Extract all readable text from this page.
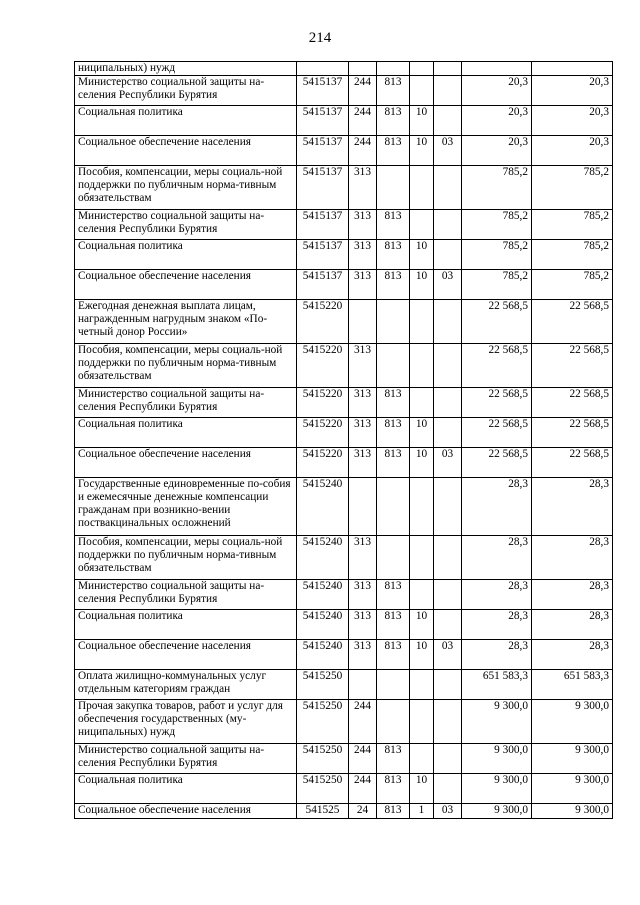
214
ниципальных) нужд							
Министерство социальной защиты на-селения Республики Бурятия	5415137	244	813			20,3	20,3
Социальная политика	5415137	244	813	10		20,3	20,3
Социальное обеспечение населения	5415137	244	813	10	03	20,3	20,3
Пособия, компенсации, меры социаль-ной поддержки по публичным норма-тивным обязательствам	5415137	313				785,2	785,2
Министерство социальной защиты на-селения Республики Бурятия	5415137	313	813			785,2	785,2
Социальная политика	5415137	313	813	10		785,2	785,2
Социальное обеспечение населения	5415137	313	813	10	03	785,2	785,2
Ежегодная денежная выплата лицам, награжденным нагрудным знаком «По-четный донор России»	5415220					22 568,5	22 568,5
Пособия, компенсации, меры социаль-ной поддержки по публичным норма-тивным обязательствам	5415220	313				22 568,5	22 568,5
Министерство социальной защиты на-селения Республики Бурятия	5415220	313	813			22 568,5	22 568,5
Социальная политика	5415220	313	813	10		22 568,5	22 568,5
Социальное обеспечение населения	5415220	313	813	10	03	22 568,5	22 568,5
Государственные единовременные по-собия и ежемесячные денежные компенсации гражданам при возникно-вении поствакцинальных осложнений	5415240					28,3	28,3
Пособия, компенсации, меры социаль-ной поддержки по публичным норма-тивным обязательствам	5415240	313				28,3	28,3
Министерство социальной защиты на-селения Республики Бурятия	5415240	313	813			28,3	28,3
Социальная политика	5415240	313	813	10		28,3	28,3
Социальное обеспечение населения	5415240	313	813	10	03	28,3	28,3
Оплата жилищно-коммунальных услуг отдельным категориям граждан	5415250					651 583,3	651 583,3
Прочая закупка товаров, работ и услуг для обеспечения государственных (му-ниципальных) нужд	5415250	244				9 300,0	9 300,0
Министерство социальной защиты на-селения Республики Бурятия	5415250	244	813			9 300,0	9 300,0
Социальная политика	5415250	244	813	10		9 300,0	9 300,0
Социальное обеспечение населения	541525	24	813	1	03	9 300,0	9 300,0
